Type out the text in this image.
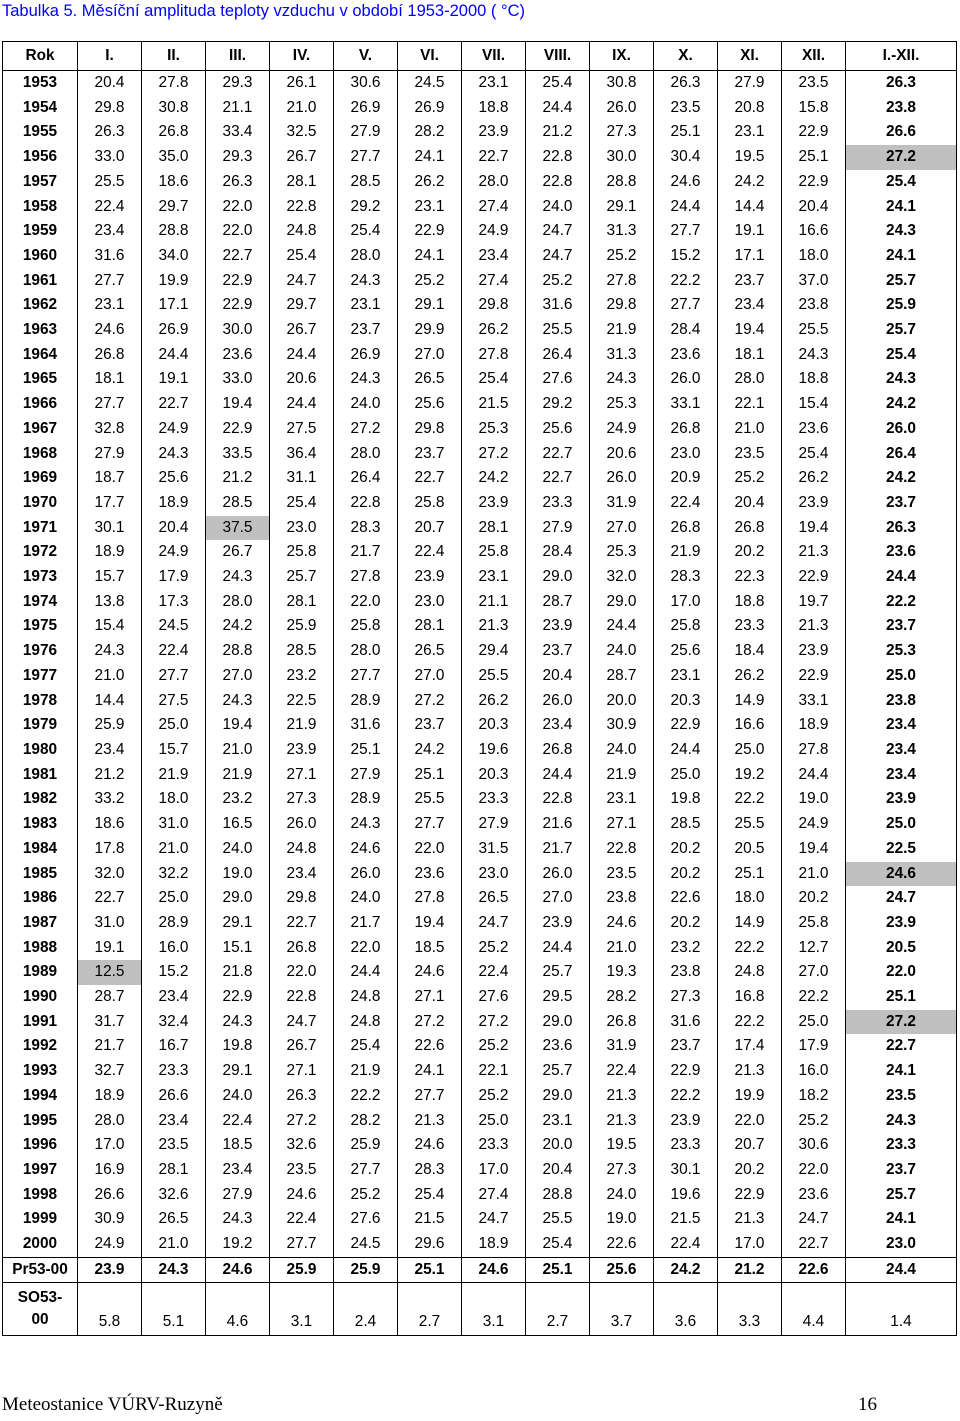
Tabulka 5. Měsíční amplituda teploty vzduchu v období 1953-2000 ( °C)
Rok	I.	II.	III.	IV.	V.	VI.	VII.	VIII.	IX.	X.	XI.	XII.	I.-XII.
1953	20.4	27.8	29.3	26.1	30.6	24.5	23.1	25.4	30.8	26.3	27.9	23.5	26.3
1954	29.8	30.8	21.1	21.0	26.9	26.9	18.8	24.4	26.0	23.5	20.8	15.8	23.8
1955	26.3	26.8	33.4	32.5	27.9	28.2	23.9	21.2	27.3	25.1	23.1	22.9	26.6
1956	33.0	35.0	29.3	26.7	27.7	24.1	22.7	22.8	30.0	30.4	19.5	25.1	27.2
1957	25.5	18.6	26.3	28.1	28.5	26.2	28.0	22.8	28.8	24.6	24.2	22.9	25.4
1958	22.4	29.7	22.0	22.8	29.2	23.1	27.4	24.0	29.1	24.4	14.4	20.4	24.1
1959	23.4	28.8	22.0	24.8	25.4	22.9	24.9	24.7	31.3	27.7	19.1	16.6	24.3
1960	31.6	34.0	22.7	25.4	28.0	24.1	23.4	24.7	25.2	15.2	17.1	18.0	24.1
1961	27.7	19.9	22.9	24.7	24.3	25.2	27.4	25.2	27.8	22.2	23.7	37.0	25.7
1962	23.1	17.1	22.9	29.7	23.1	29.1	29.8	31.6	29.8	27.7	23.4	23.8	25.9
1963	24.6	26.9	30.0	26.7	23.7	29.9	26.2	25.5	21.9	28.4	19.4	25.5	25.7
1964	26.8	24.4	23.6	24.4	26.9	27.0	27.8	26.4	31.3	23.6	18.1	24.3	25.4
1965	18.1	19.1	33.0	20.6	24.3	26.5	25.4	27.6	24.3	26.0	28.0	18.8	24.3
1966	27.7	22.7	19.4	24.4	24.0	25.6	21.5	29.2	25.3	33.1	22.1	15.4	24.2
1967	32.8	24.9	22.9	27.5	27.2	29.8	25.3	25.6	24.9	26.8	21.0	23.6	26.0
1968	27.9	24.3	33.5	36.4	28.0	23.7	27.2	22.7	20.6	23.0	23.5	25.4	26.4
1969	18.7	25.6	21.2	31.1	26.4	22.7	24.2	22.7	26.0	20.9	25.2	26.2	24.2
1970	17.7	18.9	28.5	25.4	22.8	25.8	23.9	23.3	31.9	22.4	20.4	23.9	23.7
1971	30.1	20.4	37.5	23.0	28.3	20.7	28.1	27.9	27.0	26.8	26.8	19.4	26.3
1972	18.9	24.9	26.7	25.8	21.7	22.4	25.8	28.4	25.3	21.9	20.2	21.3	23.6
1973	15.7	17.9	24.3	25.7	27.8	23.9	23.1	29.0	32.0	28.3	22.3	22.9	24.4
1974	13.8	17.3	28.0	28.1	22.0	23.0	21.1	28.7	29.0	17.0	18.8	19.7	22.2
1975	15.4	24.5	24.2	25.9	25.8	28.1	21.3	23.9	24.4	25.8	23.3	21.3	23.7
1976	24.3	22.4	28.8	28.5	28.0	26.5	29.4	23.7	24.0	25.6	18.4	23.9	25.3
1977	21.0	27.7	27.0	23.2	27.7	27.0	25.5	20.4	28.7	23.1	26.2	22.9	25.0
1978	14.4	27.5	24.3	22.5	28.9	27.2	26.2	26.0	20.0	20.3	14.9	33.1	23.8
1979	25.9	25.0	19.4	21.9	31.6	23.7	20.3	23.4	30.9	22.9	16.6	18.9	23.4
1980	23.4	15.7	21.0	23.9	25.1	24.2	19.6	26.8	24.0	24.4	25.0	27.8	23.4
1981	21.2	21.9	21.9	27.1	27.9	25.1	20.3	24.4	21.9	25.0	19.2	24.4	23.4
1982	33.2	18.0	23.2	27.3	28.9	25.5	23.3	22.8	23.1	19.8	22.2	19.0	23.9
1983	18.6	31.0	16.5	26.0	24.3	27.7	27.9	21.6	27.1	28.5	25.5	24.9	25.0
1984	17.8	21.0	24.0	24.8	24.6	22.0	31.5	21.7	22.8	20.2	20.5	19.4	22.5
1985	32.0	32.2	19.0	23.4	26.0	23.6	23.0	26.0	23.5	20.2	25.1	21.0	24.6
1986	22.7	25.0	29.0	29.8	24.0	27.8	26.5	27.0	23.8	22.6	18.0	20.2	24.7
1987	31.0	28.9	29.1	22.7	21.7	19.4	24.7	23.9	24.6	20.2	14.9	25.8	23.9
1988	19.1	16.0	15.1	26.8	22.0	18.5	25.2	24.4	21.0	23.2	22.2	12.7	20.5
1989	12.5	15.2	21.8	22.0	24.4	24.6	22.4	25.7	19.3	23.8	24.8	27.0	22.0
1990	28.7	23.4	22.9	22.8	24.8	27.1	27.6	29.5	28.2	27.3	16.8	22.2	25.1
1991	31.7	32.4	24.3	24.7	24.8	27.2	27.2	29.0	26.8	31.6	22.2	25.0	27.2
1992	21.7	16.7	19.8	26.7	25.4	22.6	25.2	23.6	31.9	23.7	17.4	17.9	22.7
1993	32.7	23.3	29.1	27.1	21.9	24.1	22.1	25.7	22.4	22.9	21.3	16.0	24.1
1994	18.9	26.6	24.0	26.3	22.2	27.7	25.2	29.0	21.3	22.2	19.9	18.2	23.5
1995	28.0	23.4	22.4	27.2	28.2	21.3	25.0	23.1	21.3	23.9	22.0	25.2	24.3
1996	17.0	23.5	18.5	32.6	25.9	24.6	23.3	20.0	19.5	23.3	20.7	30.6	23.3
1997	16.9	28.1	23.4	23.5	27.7	28.3	17.0	20.4	27.3	30.1	20.2	22.0	23.7
1998	26.6	32.6	27.9	24.6	25.2	25.4	27.4	28.8	24.0	19.6	22.9	23.6	25.7
1999	30.9	26.5	24.3	22.4	27.6	21.5	24.7	25.5	19.0	21.5	21.3	24.7	24.1
2000	24.9	21.0	19.2	27.7	24.5	29.6	18.9	25.4	22.6	22.4	17.0	22.7	23.0
Pr53-00	23.9	24.3	24.6	25.9	25.9	25.1	24.6	25.1	25.6	24.2	21.2	22.6	24.4
SO53-
00	5.8	5.1	4.6	3.1	2.4	2.7	3.1	2.7	3.7	3.6	3.3	4.4	1.4
Meteostanice VÚRV-Ruzyně	16
